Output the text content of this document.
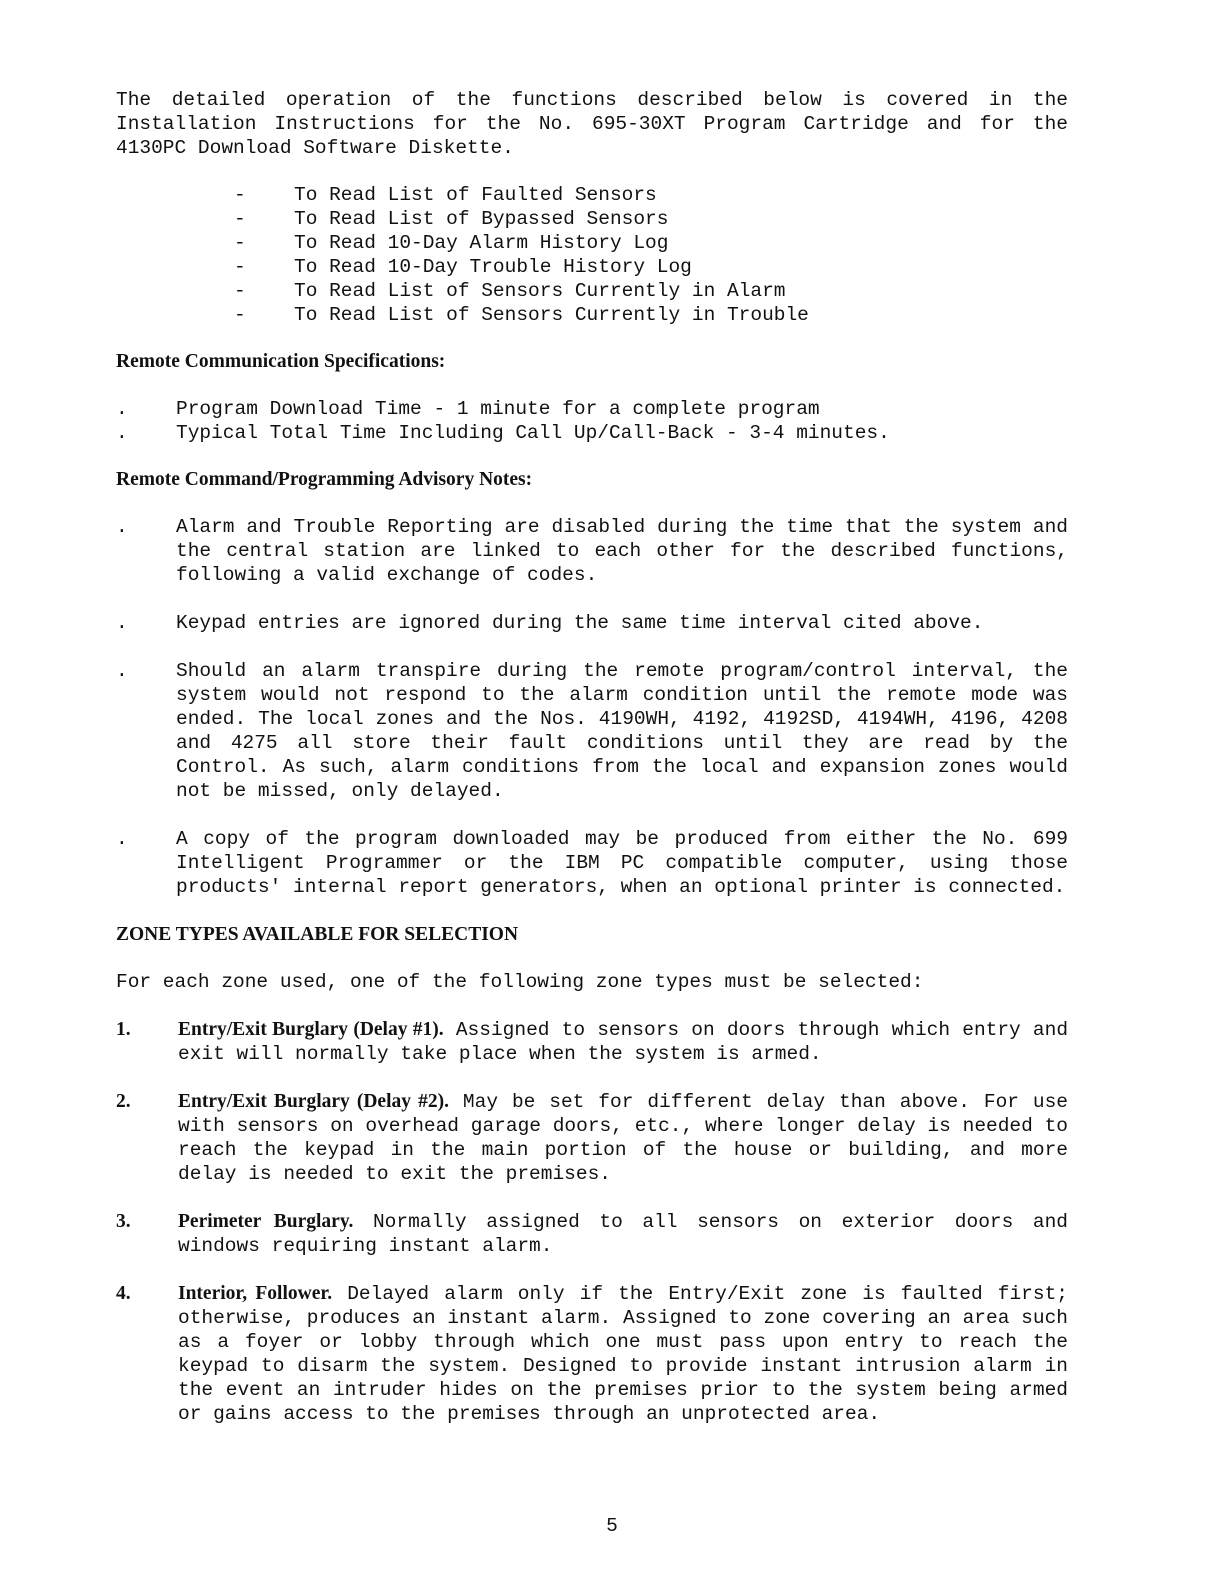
The detailed operation of the functions described below is covered in the Installation Instructions for the No. 695-30XT Program Cartridge and for the 4130PC Download Software Diskette.

-	To Read List of Faulted Sensors
-	To Read List of Bypassed Sensors
-	To Read 10-Day Alarm History Log
-	To Read 10-Day Trouble History Log
-	To Read List of Sensors Currently in Alarm
-	To Read List of Sensors Currently in Trouble
Remote Communication Specifications:
.	Program Download Time - 1 minute for a complete program
.	Typical Total Time Including Call Up/Call-Back - 3-4 minutes.
Remote Command/Programming Advisory Notes:
.	Alarm and Trouble Reporting are disabled during the time that the system and the central station are linked to each other for the described functions, following a valid exchange of codes.
.	Keypad entries are ignored during the same time interval cited above.
.	Should an alarm transpire during the remote program/control interval, the system would not respond to the alarm condition until the remote mode was ended. The local zones and the Nos. 4190WH, 4192, 4192SD, 4194WH, 4196, 4208 and 4275 all store their fault conditions until they are read by the Control. As such, alarm conditions from the local and expansion zones would not be missed, only delayed.
.	A copy of the program downloaded may be produced from either the No. 699 Intelligent Programmer or the IBM PC compatible computer, using those products' internal report generators, when an optional printer is connected.
ZONE TYPES AVAILABLE FOR SELECTION

For each zone used, one of the following zone types must be selected:

1.	Entry/Exit Burglary (Delay #1). Assigned to sensors on doors through which entry and exit will normally take place when the system is armed.
2.	Entry/Exit Burglary (Delay #2). May be set for different delay than above. For use with sensors on overhead garage doors, etc., where longer delay is needed to reach the keypad in the main portion of the house or building, and more delay is needed to exit the premises.
3.	Perimeter Burglary. Normally assigned to all sensors on exterior doors and windows requiring instant alarm.
4.	Interior, Follower. Delayed alarm only if the Entry/Exit zone is faulted first; otherwise, produces an instant alarm. Assigned to zone covering an area such as a foyer or lobby through which one must pass upon entry to reach the keypad to disarm the system. Designed to provide instant intrusion alarm in the event an intruder hides on the premises prior to the system being armed or gains access to the premises through an unprotected area.
5
